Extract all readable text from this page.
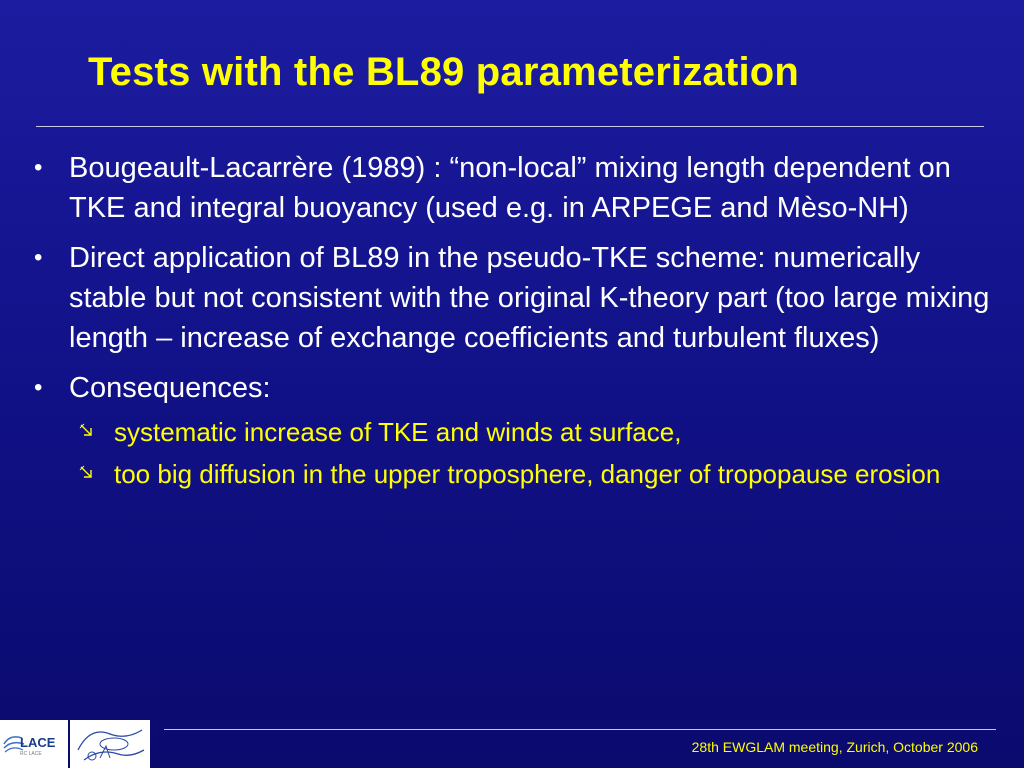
Tests with the BL89 parameterization
• Bougeault-Lacarrère (1989) : “non-local” mixing length dependent on TKE and integral buoyancy (used e.g. in ARPEGE and Mèso-NH)
• Direct application of BL89 in the pseudo-TKE scheme: numerically stable but not consistent with the original K-theory part (too large mixing length – increase of exchange coefficients and turbulent fluxes)
• Consequences:
systematic increase of TKE and winds at surface,
too big diffusion in the upper troposphere, danger of tropopause erosion
LACE
RC LACE	28th EWGLAM meeting, Zurich, October 2006
